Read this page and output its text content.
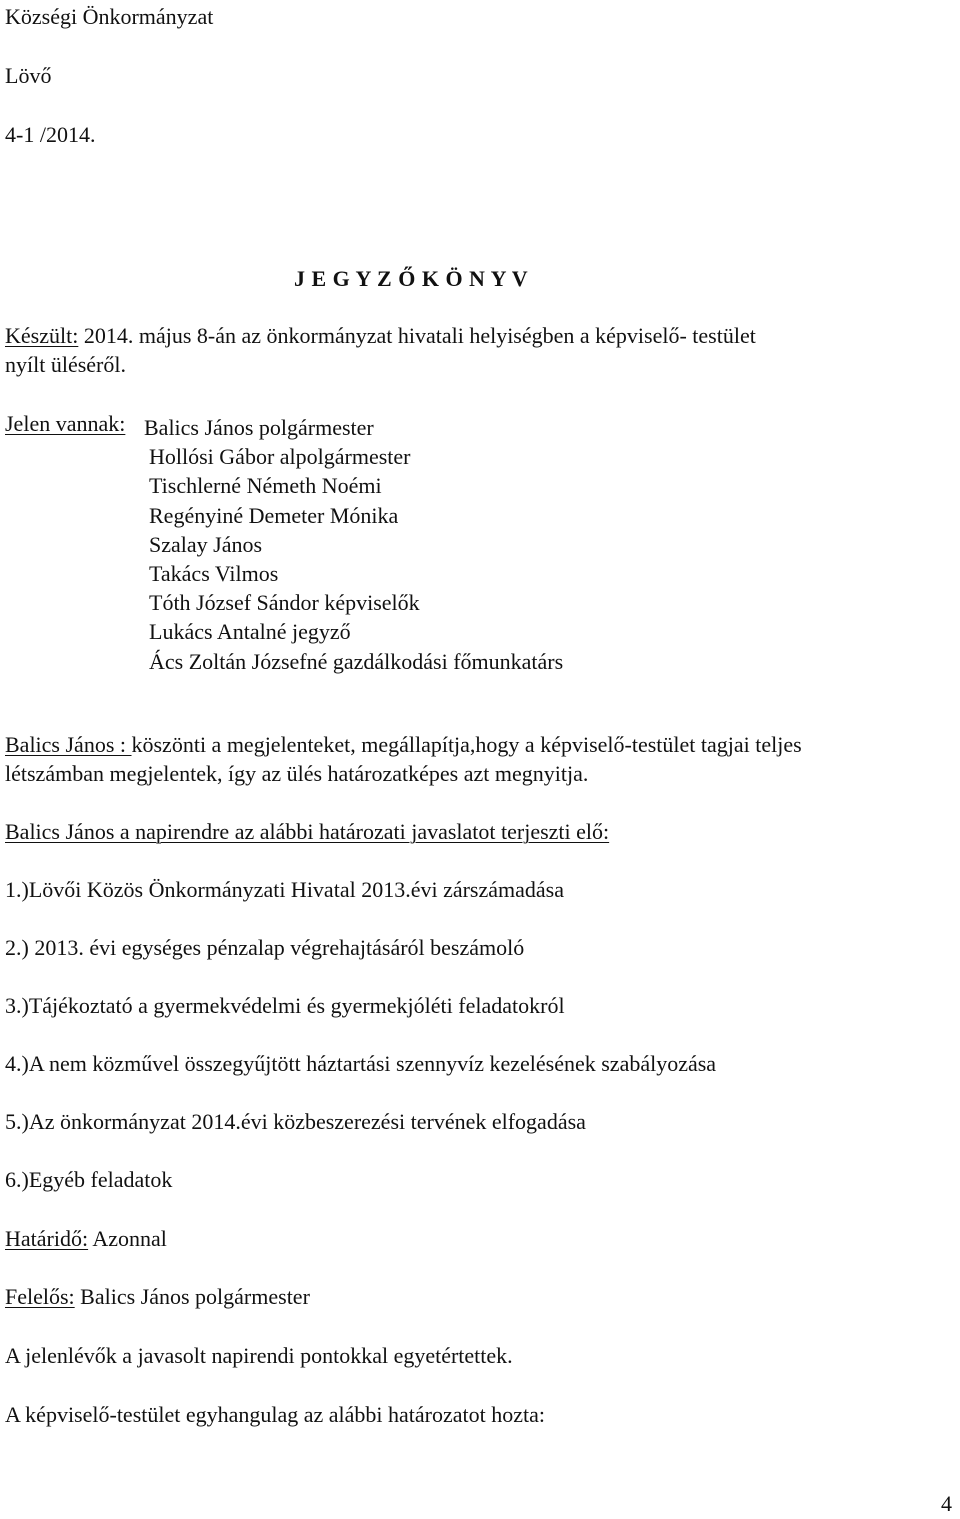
Községi Önkormányzat
Lövő
4-1 /2014.
J E G Y Z Ő K Ö N Y V
Készült: 2014. május 8-án az önkormányzat hivatali helyiségben a képviselő- testület
nyílt üléséről.
Jelen vannak: Balics János polgármester
Hollósi Gábor alpolgármester
Tischlerné Németh Noémi
Regényiné Demeter Mónika
Szalay János
Takács Vilmos
Tóth József Sándor képviselők
Lukács Antalné jegyző
Ács Zoltán Józsefné gazdálkodási főmunkatárs
Balics János : köszönti a megjelenteket, megállapítja,hogy a képviselő-testület tagjai teljes
létszámban megjelentek, így az ülés határozatképes azt megnyitja.
Balics János a napirendre az alábbi határozati javaslatot terjeszti elő:
1.)Lövői Közös Önkormányzati Hivatal 2013.évi zárszámadása
2.) 2013. évi egységes pénzalap végrehajtásáról beszámoló
3.)Tájékoztató a gyermekvédelmi és gyermekjóléti feladatokról
4.)A nem közművel összegyűjtött háztartási szennyvíz kezelésének szabályozása
5.)Az önkormányzat 2014.évi közbeszerezési tervének elfogadása
6.)Egyéb feladatok
Határidő: Azonnal
Felelős: Balics János polgármester
A jelenlévők a javasolt napirendi pontokkal egyetértettek.
A képviselő-testület egyhangulag az alábbi határozatot hozta:
4
